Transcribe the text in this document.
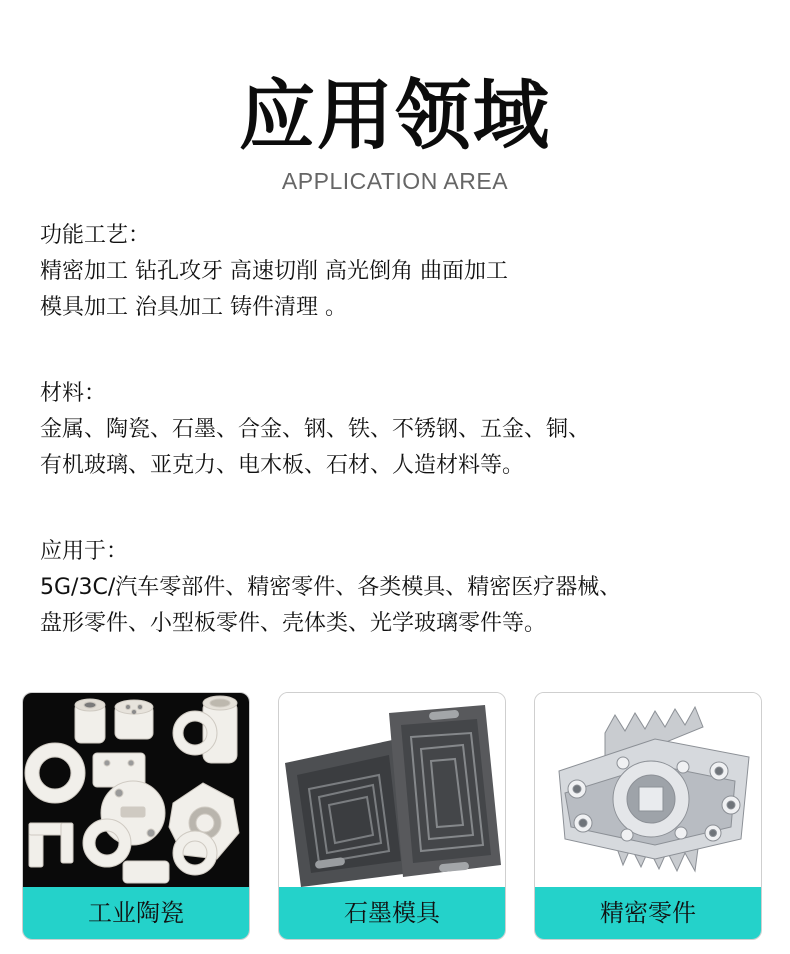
应用领域
APPLICATION AREA
功能工艺：
精密加工 钻孔攻牙 高速切削 高光倒角 曲面加工
模具加工 治具加工 铸件清理 。
材料：
金属、陶瓷、石墨、合金、钢、铁、不锈钢、五金、铜、
有机玻璃、亚克力、电木板、石材、人造材料等。
应用于：
5G/3C/汽车零部件、精密零件、各类模具、精密医疗器械、
盘形零件、小型板零件、壳体类、光学玻璃零件等。
工业陶瓷	石墨模具	精密零件
